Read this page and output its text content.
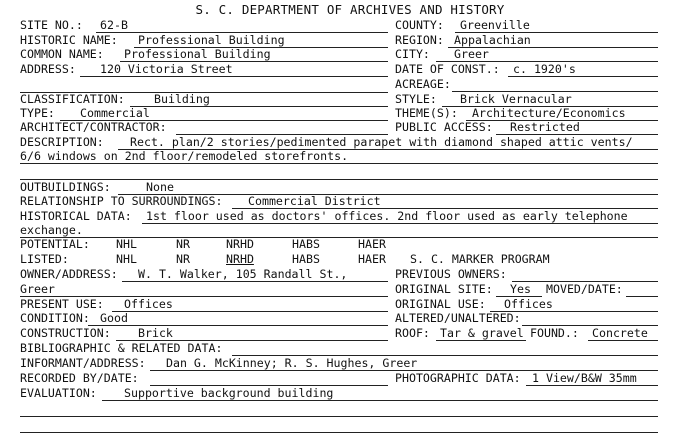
S. C. DEPARTMENT OF ARCHIVES AND HISTORY
SITE NO.: 62-B	COUNTY: Greenville
HISTORIC NAME: Professional Building	REGION: Appalachian
COMMON NAME: Professional Building	CITY: Greer
ADDRESS: 120 Victoria Street	DATE OF CONST.: c. 1920's
ACREAGE:
CLASSIFICATION:	Building	STYLE: Brick Vernacular
TYPE: Commercial	THEME(S): Architecture/Economics
ARCHITECT/CONTRACTOR:	PUBLIC ACCESS: Restricted
DESCRIPTION: Rect. plan/2 stories/pedimented parapet with diamond shaped attic vents/
6/6 windows on 2nd floor/remodeled storefronts.
OUTBUILDINGS:	None
RELATIONSHIP TO SURROUNDINGS: Commercial District
HISTORICAL DATA: 1st floor used as doctors' offices. 2nd floor used as early telephone
exchange.
POTENTIAL: NHL	NR	NRHD	HABS	HAER
LISTED:	NHL	NR	NRHD	HABS	HAER S. C. MARKER PROGRAM
OWNER/ADDRESS: W. T. Walker, 105 Randall St.,	PREVIOUS OWNERS:
Greer	ORIGINAL SITE: Yes MOVED/DATE:
PRESENT USE: Offices	ORIGINAL USE: Offices
CONDITION: Good	ALTERED/UNALTERED:
CONSTRUCTION: Brick	ROOF: Tar & gravel FOUND.: Concrete
BIBLIOGRAPHIC & RELATED DATA:
INFORMANT/ADDRESS: Dan G. McKinney; R. S. Hughes, Greer
RECORDED BY/DATE:	PHOTOGRAPHIC DATA: 1 View/B&W 35mm
EVALUATION: Supportive background building
